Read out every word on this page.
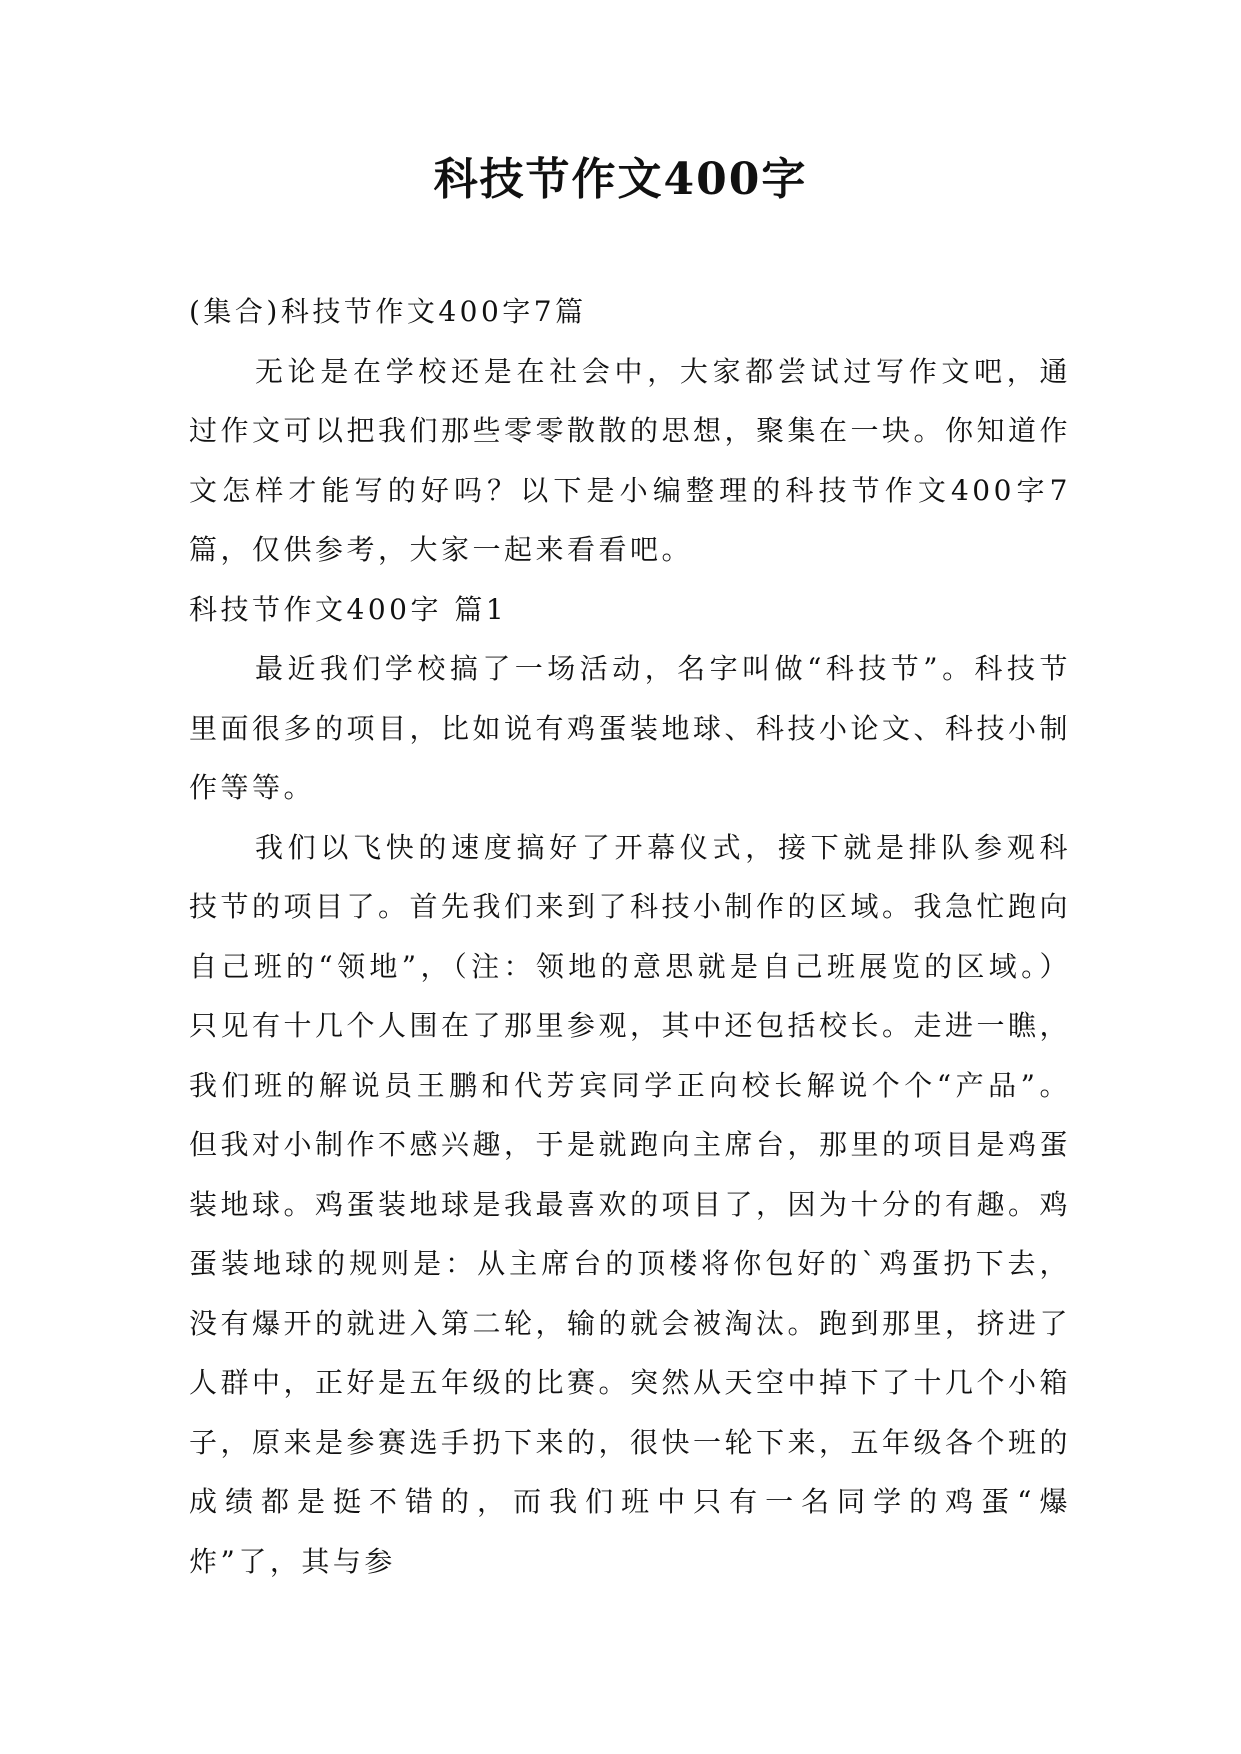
科技节作文400字

(集合)科技节作文400字7篇

无论是在学校还是在社会中，大家都尝试过写作文吧，通过作文可以把我们那些零零散散的思想，聚集在一块。你知道作文怎样才能写的好吗？以下是小编整理的科技节作文400字7篇，仅供参考，大家一起来看看吧。

科技节作文400字 篇1

最近我们学校搞了一场活动，名字叫做“科技节”。科技节里面很多的项目，比如说有鸡蛋装地球、科技小论文、科技小制作等等。

我们以飞快的速度搞好了开幕仪式，接下就是排队参观科技节的项目了。首先我们来到了科技小制作的区域。我急忙跑向自己班的“领地”，（注：领地的意思就是自己班展览的区域。）只见有十几个人围在了那里参观，其中还包括校长。走进一瞧，我们班的解说员王鹏和代芳宾同学正向校长解说个个“产品”。但我对小制作不感兴趣，于是就跑向主席台，那里的项目是鸡蛋装地球。鸡蛋装地球是我最喜欢的项目了，因为十分的有趣。鸡蛋装地球的规则是：从主席台的顶楼将你包好的`鸡蛋扔下去，没有爆开的就进入第二轮，输的就会被淘汰。跑到那里，挤进了人群中，正好是五年级的比赛。突然从天空中掉下了十几个小箱子，原来是参赛选手扔下来的，很快一轮下来，五年级各个班的成绩都是挺不错的，而我们班中只有一名同学的鸡蛋“爆炸”了，其与参
